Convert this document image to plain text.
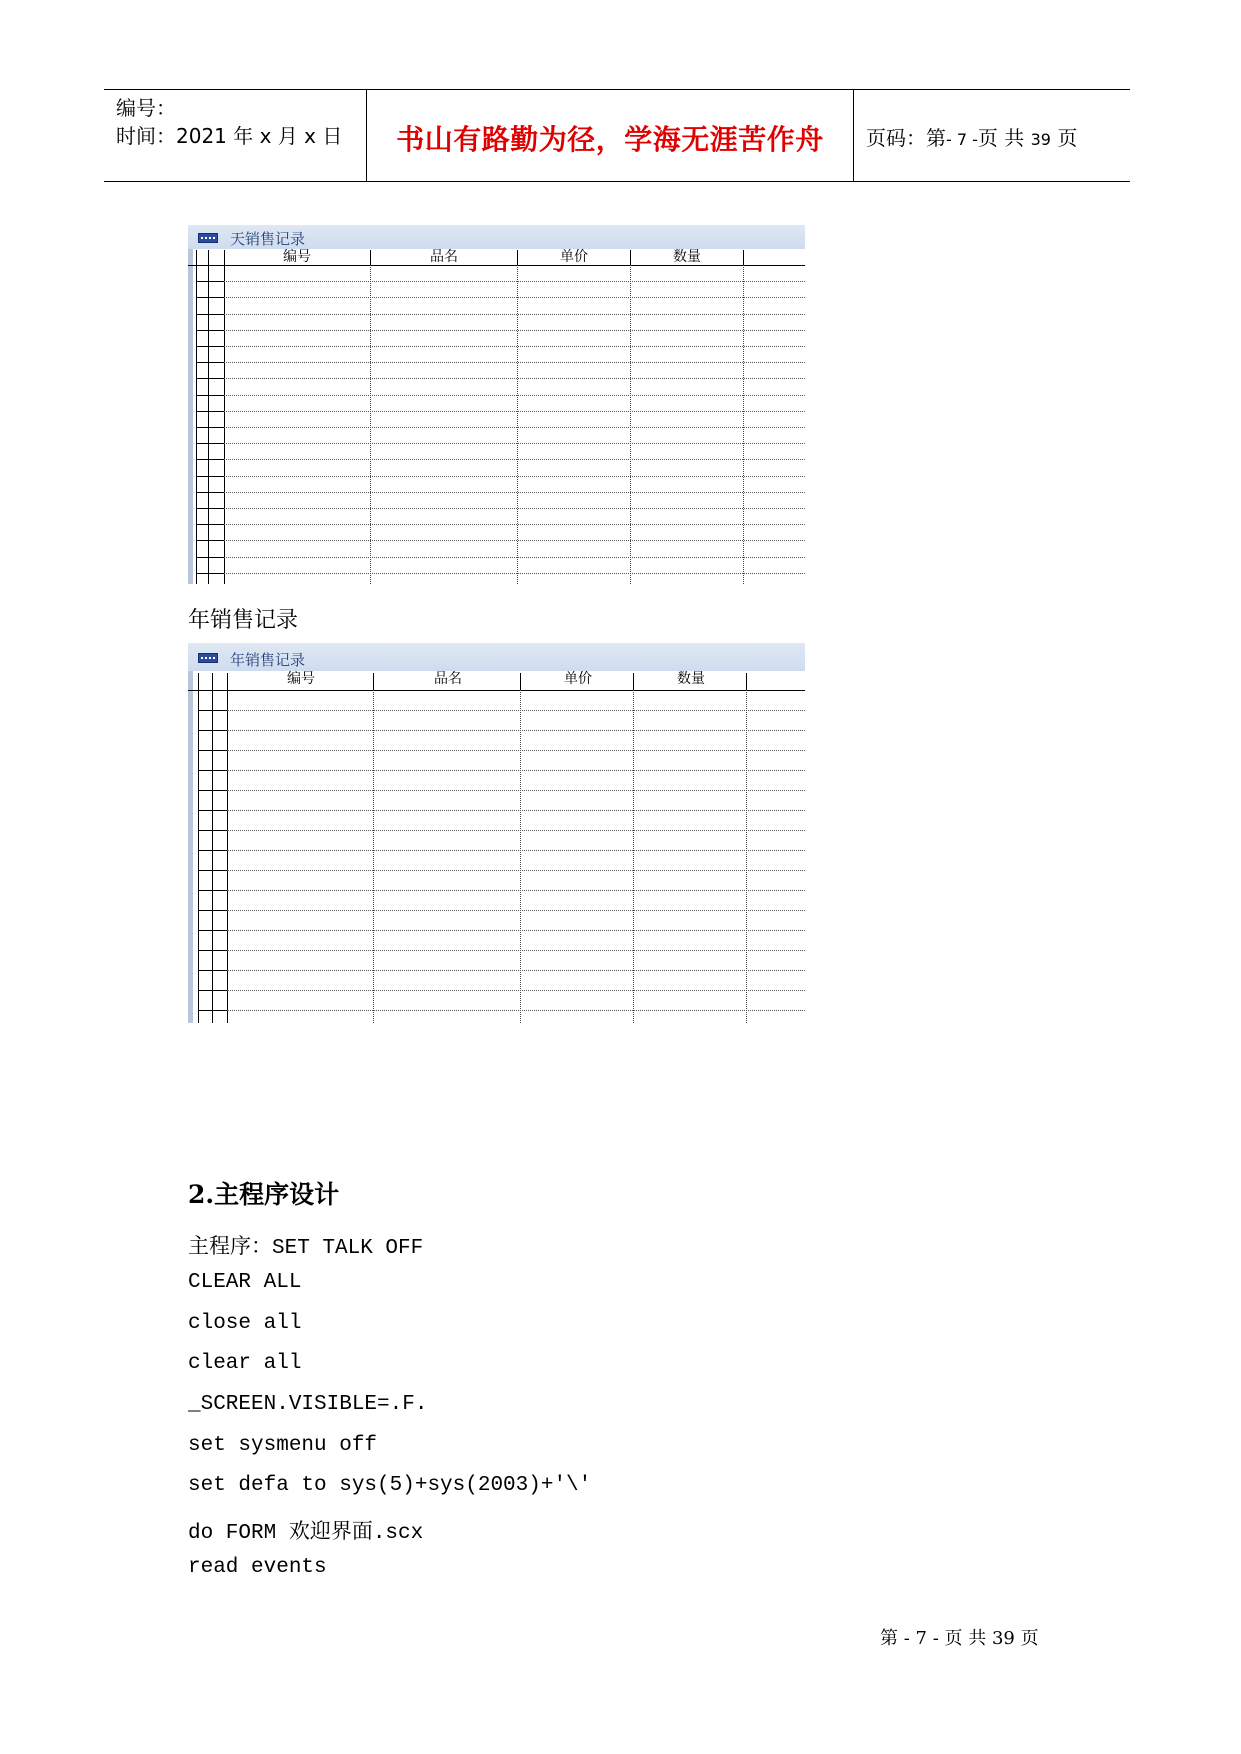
编号：
时间：2021 年 x 月 x 日	书山有路勤为径，学海无涯苦作舟	页码：第- 7 -页 共 39 页
天销售记录
编号	品名	单价	数量
年销售记录
年销售记录
编号	品名	单价	数量
2.主程序设计
主程序：SET TALK OFF
CLEAR ALL
close all
clear all
_SCREEN.VISIBLE=.F.
set sysmenu off
set defa to sys(5)+sys(2003)+'\'
do FORM 欢迎界面.scx
read events
第 - 7 - 页 共 39 页
